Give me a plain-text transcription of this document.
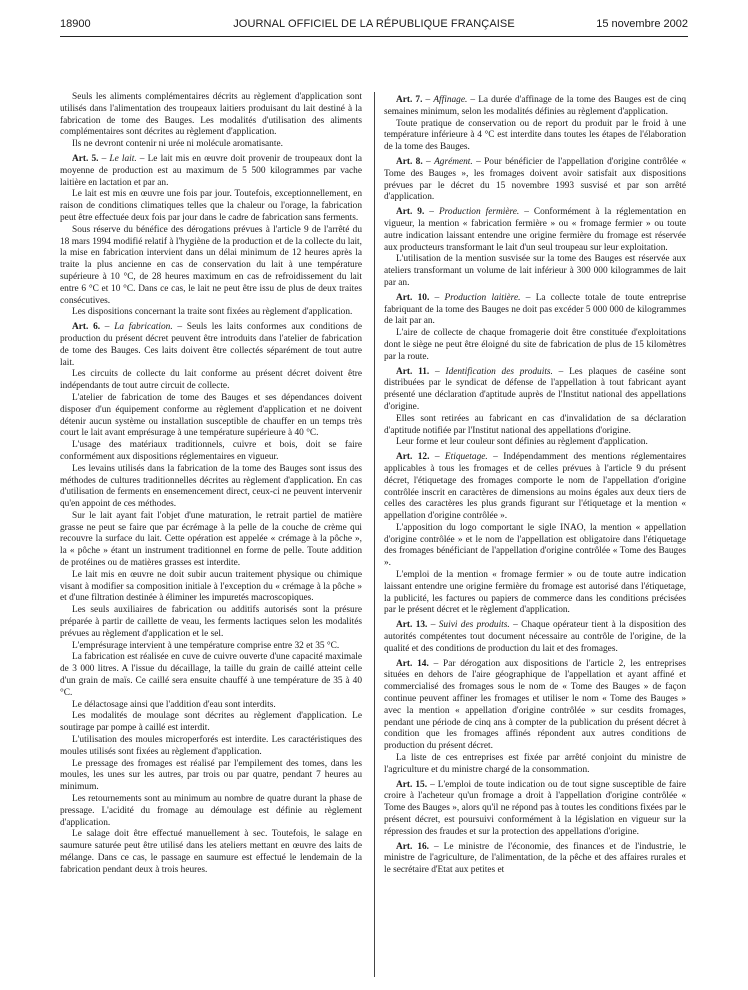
18900	JOURNAL OFFICIEL DE LA RÉPUBLIQUE FRANÇAISE	15 novembre 2002

Seuls les aliments complémentaires décrits au règlement d'application sont utilisés dans l'alimentation des troupeaux laitiers produisant du lait destiné à la fabrication de tome des Bauges. Les modalités d'utilisation des aliments complémentaires sont décrites au règlement d'application.

Ils ne devront contenir ni urée ni molécule aromatisante.

Art. 5. – Le lait. – Le lait mis en œuvre doit provenir de troupeaux dont la moyenne de production est au maximum de 5 500 kilogrammes par vache laitière en lactation et par an.

Le lait est mis en œuvre une fois par jour. Toutefois, exceptionnellement, en raison de conditions climatiques telles que la chaleur ou l'orage, la fabrication peut être effectuée deux fois par jour dans le cadre de fabrication sans ferments.

Sous réserve du bénéfice des dérogations prévues à l'article 9 de l'arrêté du 18 mars 1994 modifié relatif à l'hygiène de la production et de la collecte du lait, la mise en fabrication intervient dans un délai minimum de 12 heures après la traite la plus ancienne en cas de conservation du lait à une température supérieure à 10 °C, de 28 heures maximum en cas de refroidissement du lait entre 6 °C et 10 °C. Dans ce cas, le lait ne peut être issu de plus de deux traites consécutives.

Les dispositions concernant la traite sont fixées au règlement d'application.

Art. 6. – La fabrication. – Seuls les laits conformes aux conditions de production du présent décret peuvent être introduits dans l'atelier de fabrication de tome des Bauges. Ces laits doivent être collectés séparément de tout autre lait.

Les circuits de collecte du lait conforme au présent décret doivent être indépendants de tout autre circuit de collecte.

L'atelier de fabrication de tome des Bauges et ses dépendances doivent disposer d'un équipement conforme au règlement d'application et ne doivent détenir aucun système ou installation susceptible de chauffer en un temps très court le lait avant emprésurage à une température supérieure à 40 °C.

L'usage des matériaux traditionnels, cuivre et bois, doit se faire conformément aux dispositions réglementaires en vigueur.

Les levains utilisés dans la fabrication de la tome des Bauges sont issus des méthodes de cultures traditionnelles décrites au règlement d'application. En cas d'utilisation de ferments en ensemencement direct, ceux-ci ne peuvent intervenir qu'en appoint de ces méthodes.

Sur le lait ayant fait l'objet d'une maturation, le retrait partiel de matière grasse ne peut se faire que par écrémage à la pelle de la couche de crème qui recouvre la surface du lait. Cette opération est appelée « crémage à la pôche », la « pôche » étant un instrument traditionnel en forme de pelle. Toute addition de protéines ou de matières grasses est interdite.

Le lait mis en œuvre ne doit subir aucun traitement physique ou chimique visant à modifier sa composition initiale à l'exception du « crémage à la pôche » et d'une filtration destinée à éliminer les impuretés macroscopiques.

Les seuls auxiliaires de fabrication ou additifs autorisés sont la présure préparée à partir de caillette de veau, les ferments lactiques selon les modalités prévues au règlement d'application et le sel.

L'emprésurage intervient à une température comprise entre 32 et 35 °C.

La fabrication est réalisée en cuve de cuivre ouverte d'une capacité maximale de 3 000 litres. A l'issue du décaillage, la taille du grain de caillé atteint celle d'un grain de maïs. Ce caillé sera ensuite chauffé à une température de 35 à 40 °C.

Le délactosage ainsi que l'addition d'eau sont interdits.

Les modalités de moulage sont décrites au règlement d'application. Le soutirage par pompe à caillé est interdit.

L'utilisation des moules microperforés est interdite. Les caractéristiques des moules utilisés sont fixées au règlement d'application.

Le pressage des fromages est réalisé par l'empilement des tomes, dans les moules, les unes sur les autres, par trois ou par quatre, pendant 7 heures au minimum.

Les retournements sont au minimum au nombre de quatre durant la phase de pressage. L'acidité du fromage au démoulage est définie au règlement d'application.

Le salage doit être effectué manuellement à sec. Toutefois, le salage en saumure saturée peut être utilisé dans les ateliers mettant en œuvre des laits de mélange. Dans ce cas, le passage en saumure est effectué le lendemain de la fabrication pendant deux à trois heures.

Art. 7. – Affinage. – La durée d'affinage de la tome des Bauges est de cinq semaines minimum, selon les modalités définies au règlement d'application.

Toute pratique de conservation ou de report du produit par le froid à une température inférieure à 4 °C est interdite dans toutes les étapes de l'élaboration de la tome des Bauges.

Art. 8. – Agrément. – Pour bénéficier de l'appellation d'origine contrôlée « Tome des Bauges », les fromages doivent avoir satisfait aux dispositions prévues par le décret du 15 novembre 1993 susvisé et par son arrêté d'application.

Art. 9. – Production fermière. – Conformément à la réglementation en vigueur, la mention « fabrication fermière » ou « fromage fermier » ou toute autre indication laissant entendre une origine fermière du fromage est réservée aux producteurs transformant le lait d'un seul troupeau sur leur exploitation.

L'utilisation de la mention susvisée sur la tome des Bauges est réservée aux ateliers transformant un volume de lait inférieur à 300 000 kilogrammes de lait par an.

Art. 10. – Production laitière. – La collecte totale de toute entreprise fabriquant de la tome des Bauges ne doit pas excéder 5 000 000 de kilogrammes de lait par an.

L'aire de collecte de chaque fromagerie doit être constituée d'exploitations dont le siège ne peut être éloigné du site de fabrication de plus de 15 kilomètres par la route.

Art. 11. – Identification des produits. – Les plaques de caséine sont distribuées par le syndicat de défense de l'appellation à tout fabricant ayant présenté une déclaration d'aptitude auprès de l'Institut national des appellations d'origine.

Elles sont retirées au fabricant en cas d'invalidation de sa déclaration d'aptitude notifiée par l'Institut national des appellations d'origine.

Leur forme et leur couleur sont définies au règlement d'application.

Art. 12. – Etiquetage. – Indépendamment des mentions réglementaires applicables à tous les fromages et de celles prévues à l'article 9 du présent décret, l'étiquetage des fromages comporte le nom de l'appellation d'origine contrôlée inscrit en caractères de dimensions au moins égales aux deux tiers de celles des caractères les plus grands figurant sur l'étiquetage et la mention « appellation d'origine contrôlée ».

L'apposition du logo comportant le sigle INAO, la mention « appellation d'origine contrôlée » et le nom de l'appellation est obligatoire dans l'étiquetage des fromages bénéficiant de l'appellation d'origine contrôlée « Tome des Bauges ».

L'emploi de la mention « fromage fermier » ou de toute autre indication laissant entendre une origine fermière du fromage est autorisé dans l'étiquetage, la publicité, les factures ou papiers de commerce dans les conditions précisées par le présent décret et le règlement d'application.

Art. 13. – Suivi des produits. – Chaque opérateur tient à la disposition des autorités compétentes tout document nécessaire au contrôle de l'origine, de la qualité et des conditions de production du lait et des fromages.

Art. 14. – Par dérogation aux dispositions de l'article 2, les entreprises situées en dehors de l'aire géographique de l'appellation et ayant affiné et commercialisé des fromages sous le nom de « Tome des Bauges » de façon continue peuvent affiner les fromages et utiliser le nom « Tome des Bauges » avec la mention « appellation d'origine contrôlée » sur cesdits fromages, pendant une période de cinq ans à compter de la publication du présent décret à condition que les fromages affinés répondent aux autres conditions de production du présent décret.

La liste de ces entreprises est fixée par arrêté conjoint du ministre de l'agriculture et du ministre chargé de la consommation.

Art. 15. – L'emploi de toute indication ou de tout signe susceptible de faire croire à l'acheteur qu'un fromage a droit à l'appellation d'origine contrôlée « Tome des Bauges », alors qu'il ne répond pas à toutes les conditions fixées par le présent décret, est poursuivi conformément à la législation en vigueur sur la répression des fraudes et sur la protection des appellations d'origine.

Art. 16. – Le ministre de l'économie, des finances et de l'industrie, le ministre de l'agriculture, de l'alimentation, de la pêche et des affaires rurales et le secrétaire d'Etat aux petites et
